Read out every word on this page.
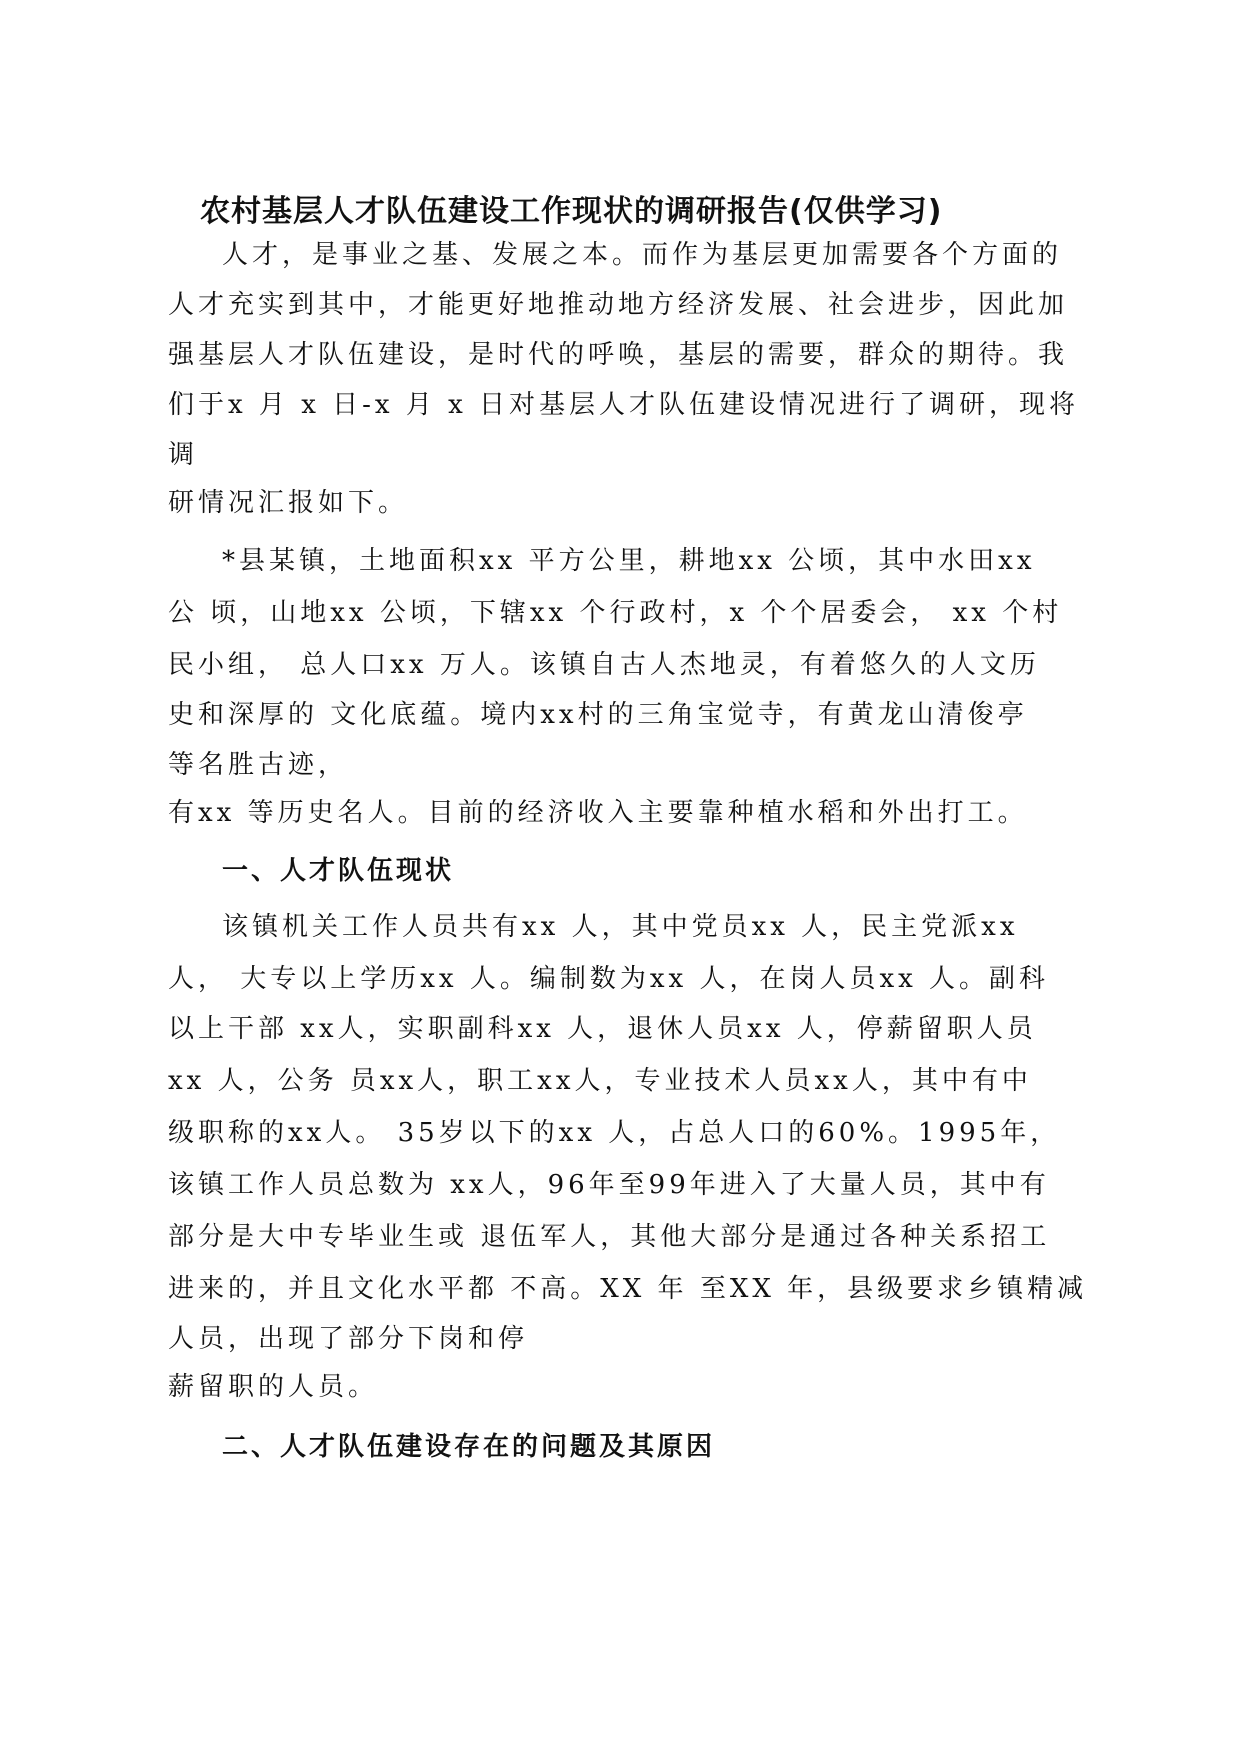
农村基层人才队伍建设工作现状的调研报告(仅供学习)

人才，是事业之基、发展之本。而作为基层更加需要各个方面的

人才充实到其中，才能更好地推动地方经济发展、社会进步，因此加

强基层人才队伍建设，是时代的呼唤，基层的需要，群众的期待。我

们于x 月 x 日-x 月 x 日对基层人才队伍建设情况进行了调研，现将

调

研情况汇报如下。

*县某镇，土地面积xx 平方公里，耕地xx 公顷，其中水田xx

公 顷，山地xx 公顷，下辖xx 个行政村，x 个个居委会， xx 个村

民小组， 总人口xx 万人。该镇自古人杰地灵，有着悠久的人文历

史和深厚的 文化底蕴。境内xx村的三角宝觉寺，有黄龙山清俊亭

等名胜古迹，

有xx 等历史名人。目前的经济收入主要靠种植水稻和外出打工。

一、人才队伍现状

该镇机关工作人员共有xx 人，其中党员xx 人，民主党派xx

人， 大专以上学历xx 人。编制数为xx 人，在岗人员xx 人。副科

以上干部 xx人，实职副科xx 人，退休人员xx 人，停薪留职人员

xx 人，公务 员xx人，职工xx人，专业技术人员xx人，其中有中

级职称的xx人。 35岁以下的xx 人，占总人口的60%。1995年，

该镇工作人员总数为 xx人，96年至99年进入了大量人员，其中有

部分是大中专毕业生或 退伍军人，其他大部分是通过各种关系招工

进来的，并且文化水平都 不高。XX 年 至XX 年，县级要求乡镇精减

人员，出现了部分下岗和停

薪留职的人员。

二、人才队伍建设存在的问题及其原因
